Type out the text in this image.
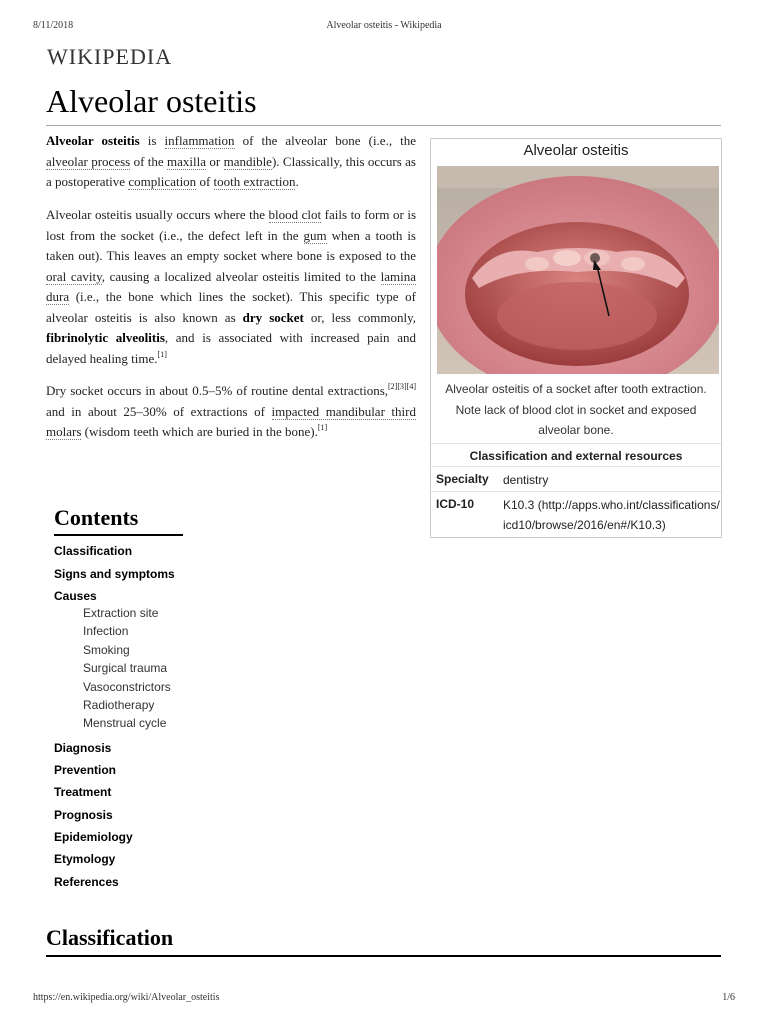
8/11/2018	Alveolar osteitis - Wikipedia
WIKIPEDIA
Alveolar osteitis

Alveolar osteitis is inflammation of the alveolar bone (i.e., the alveolar process of the maxilla or mandible). Classically, this occurs as a postoperative complication of tooth extraction.

Alveolar osteitis usually occurs where the blood clot fails to form or is lost from the socket (i.e., the defect left in the gum when a tooth is taken out). This leaves an empty socket where bone is exposed to the oral cavity, causing a localized alveolar osteitis limited to the lamina dura (i.e., the bone which lines the socket). This specific type of alveolar osteitis is also known as dry socket or, less commonly, fibrinolytic alveolitis, and is associated with increased pain and delayed healing time.[1]

Dry socket occurs in about 0.5–5% of routine dental extractions,[2][3][4] and in about 25–30% of extractions of impacted mandibular third molars (wisdom teeth which are buried in the bone).[1]

Alveolar osteitis
Alveolar osteitis of a socket after tooth extraction. Note lack of blood clot in socket and exposed alveolar bone.
Classification and external resources
Specialty dentistry
ICD-10 K10.3 (http://apps.who.int/classifications/icd10/browse/2016/en#/K10.3)
Contents
Classification
Signs and symptoms
Causes
Extraction site
Infection
Smoking
Surgical trauma
Vasoconstrictors
Radiotherapy
Menstrual cycle
Diagnosis
Prevention
Treatment
Prognosis
Epidemiology
Etymology
References
Classification
https://en.wikipedia.org/wiki/Alveolar_osteitis	1/6
